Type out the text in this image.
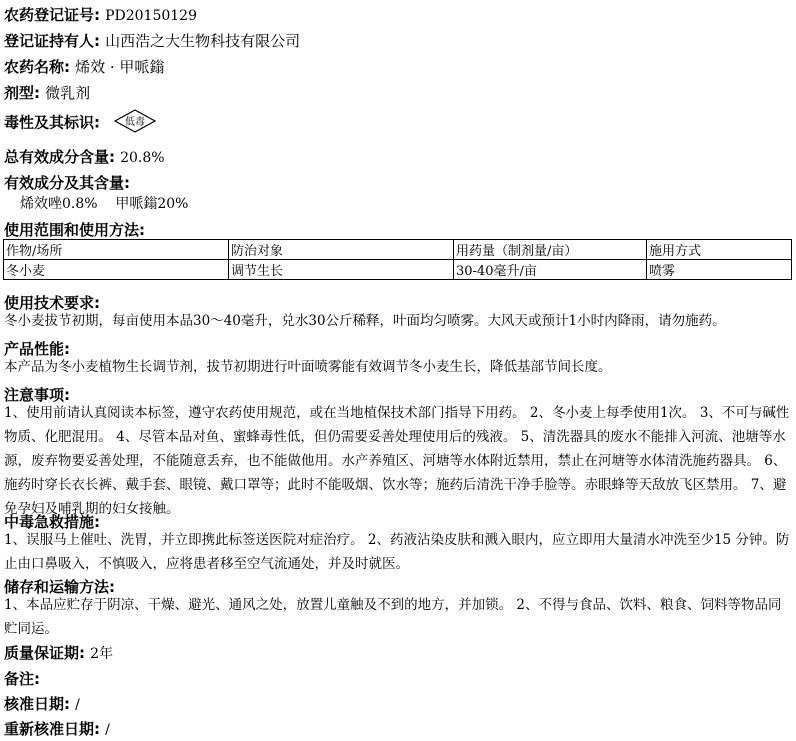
农药登记证号: PD20150129
登记证持有人: 山西浩之大生物科技有限公司
农药名称: 烯效 · 甲哌鎓
剂型: 微乳剂
毒性及其标识:	低毒
总有效成分含量: 20.8%
有效成分及其含量:
烯效唑0.8%    甲哌鎓20%
使用范围和使用方法:
作物/场所	防治对象	用药量（制剂量/亩）	施用方式
冬小麦	调节生长	30-40毫升/亩	喷雾
使用技术要求:
冬小麦拔节初期，每亩使用本品30～40毫升，兑水30公斤稀释，叶面均匀喷雾。大风天或预计1小时内降雨，请勿施药。
产品性能:
本产品为冬小麦植物生长调节剂，拔节初期进行叶面喷雾能有效调节冬小麦生长，降低基部节间长度。
注意事项:
1、使用前请认真阅读本标签，遵守农药使用规范，或在当地植保技术部门指导下用药。 2、冬小麦上每季使用1次。 3、不可与碱性物质、化肥混用。 4、尽管本品对鱼、蜜蜂毒性低，但仍需要妥善处理使用后的残液。 5、清洗器具的废水不能排入河流、池塘等水源，废弃物要妥善处理，不能随意丢弃，也不能做他用。水产养殖区、河塘等水体附近禁用，禁止在河塘等水体清洗施药器具。 6、施药时穿长衣长裤、戴手套、眼镜、戴口罩等；此时不能吸烟、饮水等；施药后清洗干净手脸等。赤眼蜂等天敌放飞区禁用。 7、避免孕妇及哺乳期的妇女接触。
中毒急救措施:
1、误服马上催吐、洗胃，并立即携此标签送医院对症治疗。 2、药液沾染皮肤和溅入眼内，应立即用大量清水冲洗至少15 分钟。防止由口鼻吸入，不慎吸入，应将患者移至空气流通处，并及时就医。
储存和运输方法:
1、本品应贮存于阴凉、干燥、避光、通风之处，放置儿童触及不到的地方，并加锁。 2、不得与食品、饮料、粮食、饲料等物品同贮同运。
质量保证期: 2年
备注:
核准日期: /
重新核准日期: /
